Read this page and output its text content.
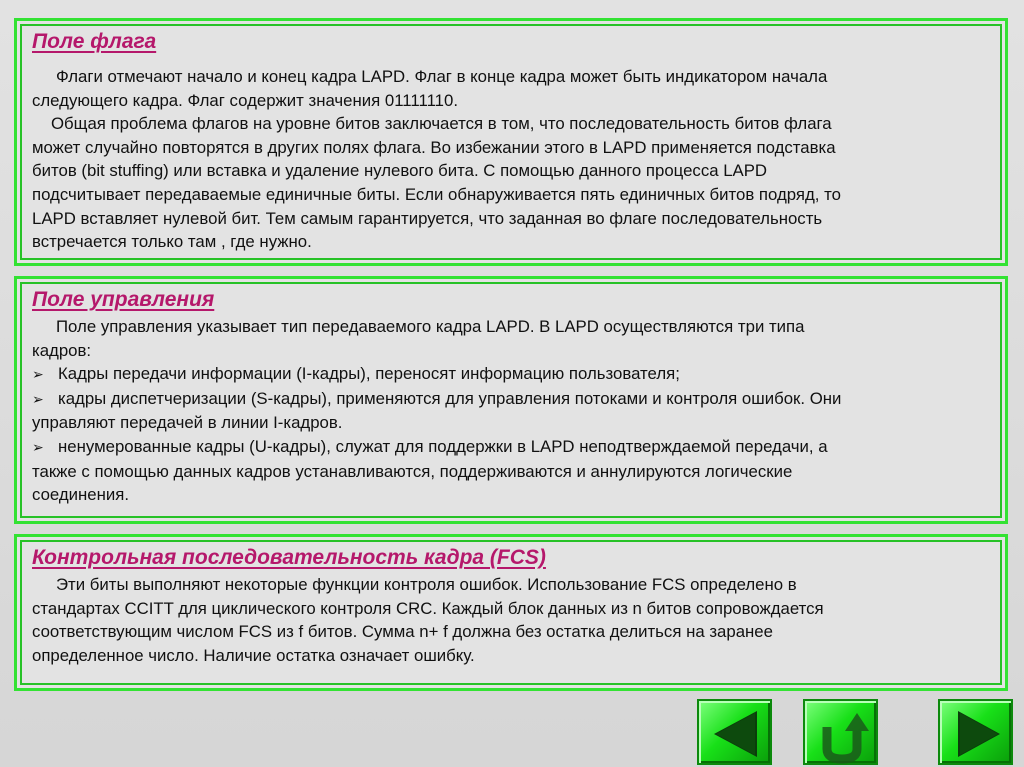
Поле флага
Флаги отмечают начало и конец кадра LAPD. Флаг в конце кадра может быть индикатором начала
следующего кадра. Флаг содержит значения 01111110.
Общая проблема флагов на уровне битов заключается в том, что последовательность битов флага
может случайно повторятся в других полях флага. Во избежании этого в LAPD применяется подставка
битов (bit stuffing) или вставка и удаление нулевого бита. С помощью данного процесса LAPD
подсчитывает передаваемые единичные биты. Если обнаруживается пять единичных битов подряд, то
LAPD вставляет нулевой бит. Тем самым гарантируется, что заданная во флаге последовательность
встречается только там , где нужно.
Поле управления
Поле управления указывает тип передаваемого кадра LAPD. В LAPD осуществляются три типа
кадров:
➢ Кадры передачи информации (I-кадры), переносят информацию пользователя;
➢ кадры диспетчеризации (S-кадры), применяются для управления потоками и контроля ошибок. Они
управляют передачей в линии I-кадров.
➢ ненумерованные кадры (U-кадры), служат для поддержки в LAPD неподтверждаемой передачи, а
также с помощью данных кадров устанавливаются, поддерживаются и аннулируются логические
соединения.
Контрольная последовательность кадра (FCS)
Эти биты выполняют некоторые функции контроля ошибок. Использование FCS определено в
стандартах CCITT для циклического контроля CRC. Каждый блок данных из n битов сопровождается
соответствующим числом FCS из f битов. Сумма n+ f должна без остатка делиться на заранее
определенное число. Наличие остатка означает ошибку.
